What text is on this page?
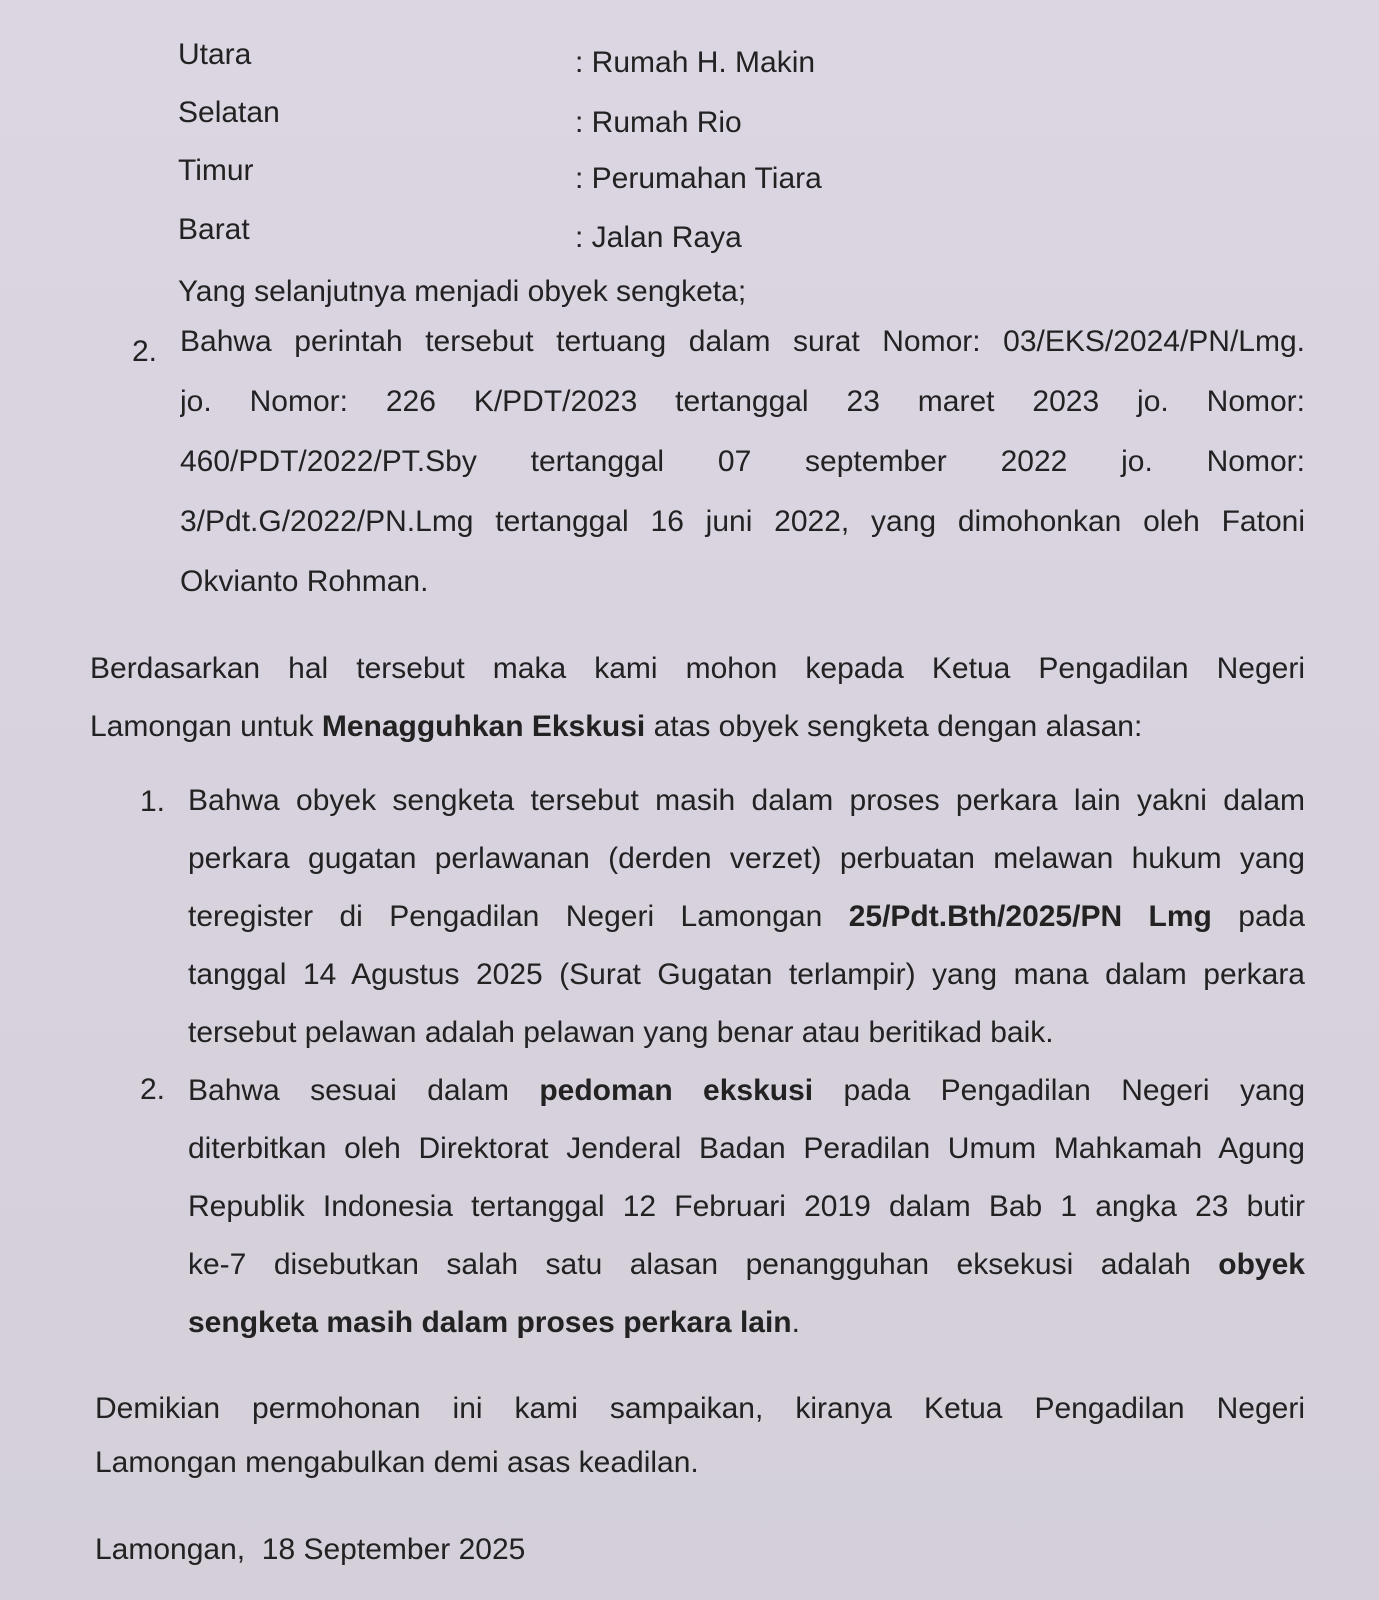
Utara	: Rumah H. Makin
Selatan	: Rumah Rio
Timur	: Perumahan Tiara
Barat	: Jalan Raya
Yang selanjutnya menjadi obyek sengketa;
2. Bahwa perintah tersebut tertuang dalam surat Nomor: 03/EKS/2024/PN/Lmg.
jo. Nomor: 226 K/PDT/2023 tertanggal 23 maret 2023 jo. Nomor:
460/PDT/2022/PT.Sby tertanggal 07 september 2022 jo. Nomor:
3/Pdt.G/2022/PN.Lmg tertanggal 16 juni 2022, yang dimohonkan oleh Fatoni
Okvianto Rohman.
Berdasarkan hal tersebut maka kami mohon kepada Ketua Pengadilan Negeri
Lamongan untuk Menagguhkan Ekskusi atas obyek sengketa dengan alasan:
1. Bahwa obyek sengketa tersebut masih dalam proses perkara lain yakni dalam
perkara gugatan perlawanan (derden verzet) perbuatan melawan hukum yang
teregister di Pengadilan Negeri Lamongan 25/Pdt.Bth/2025/PN Lmg pada
tanggal 14 Agustus 2025 (Surat Gugatan terlampir) yang mana dalam perkara
tersebut pelawan adalah pelawan yang benar atau beritikad baik.
2. Bahwa sesuai dalam pedoman ekskusi pada Pengadilan Negeri yang
diterbitkan oleh Direktorat Jenderal Badan Peradilan Umum Mahkamah Agung
Republik Indonesia tertanggal 12 Februari 2019 dalam Bab 1 angka 23 butir
ke-7 disebutkan salah satu alasan penangguhan eksekusi adalah obyek
sengketa masih dalam proses perkara lain.
Demikian permohonan ini kami sampaikan, kiranya Ketua Pengadilan Negeri
Lamongan mengabulkan demi asas keadilan.
Lamongan,  18 September 2025
